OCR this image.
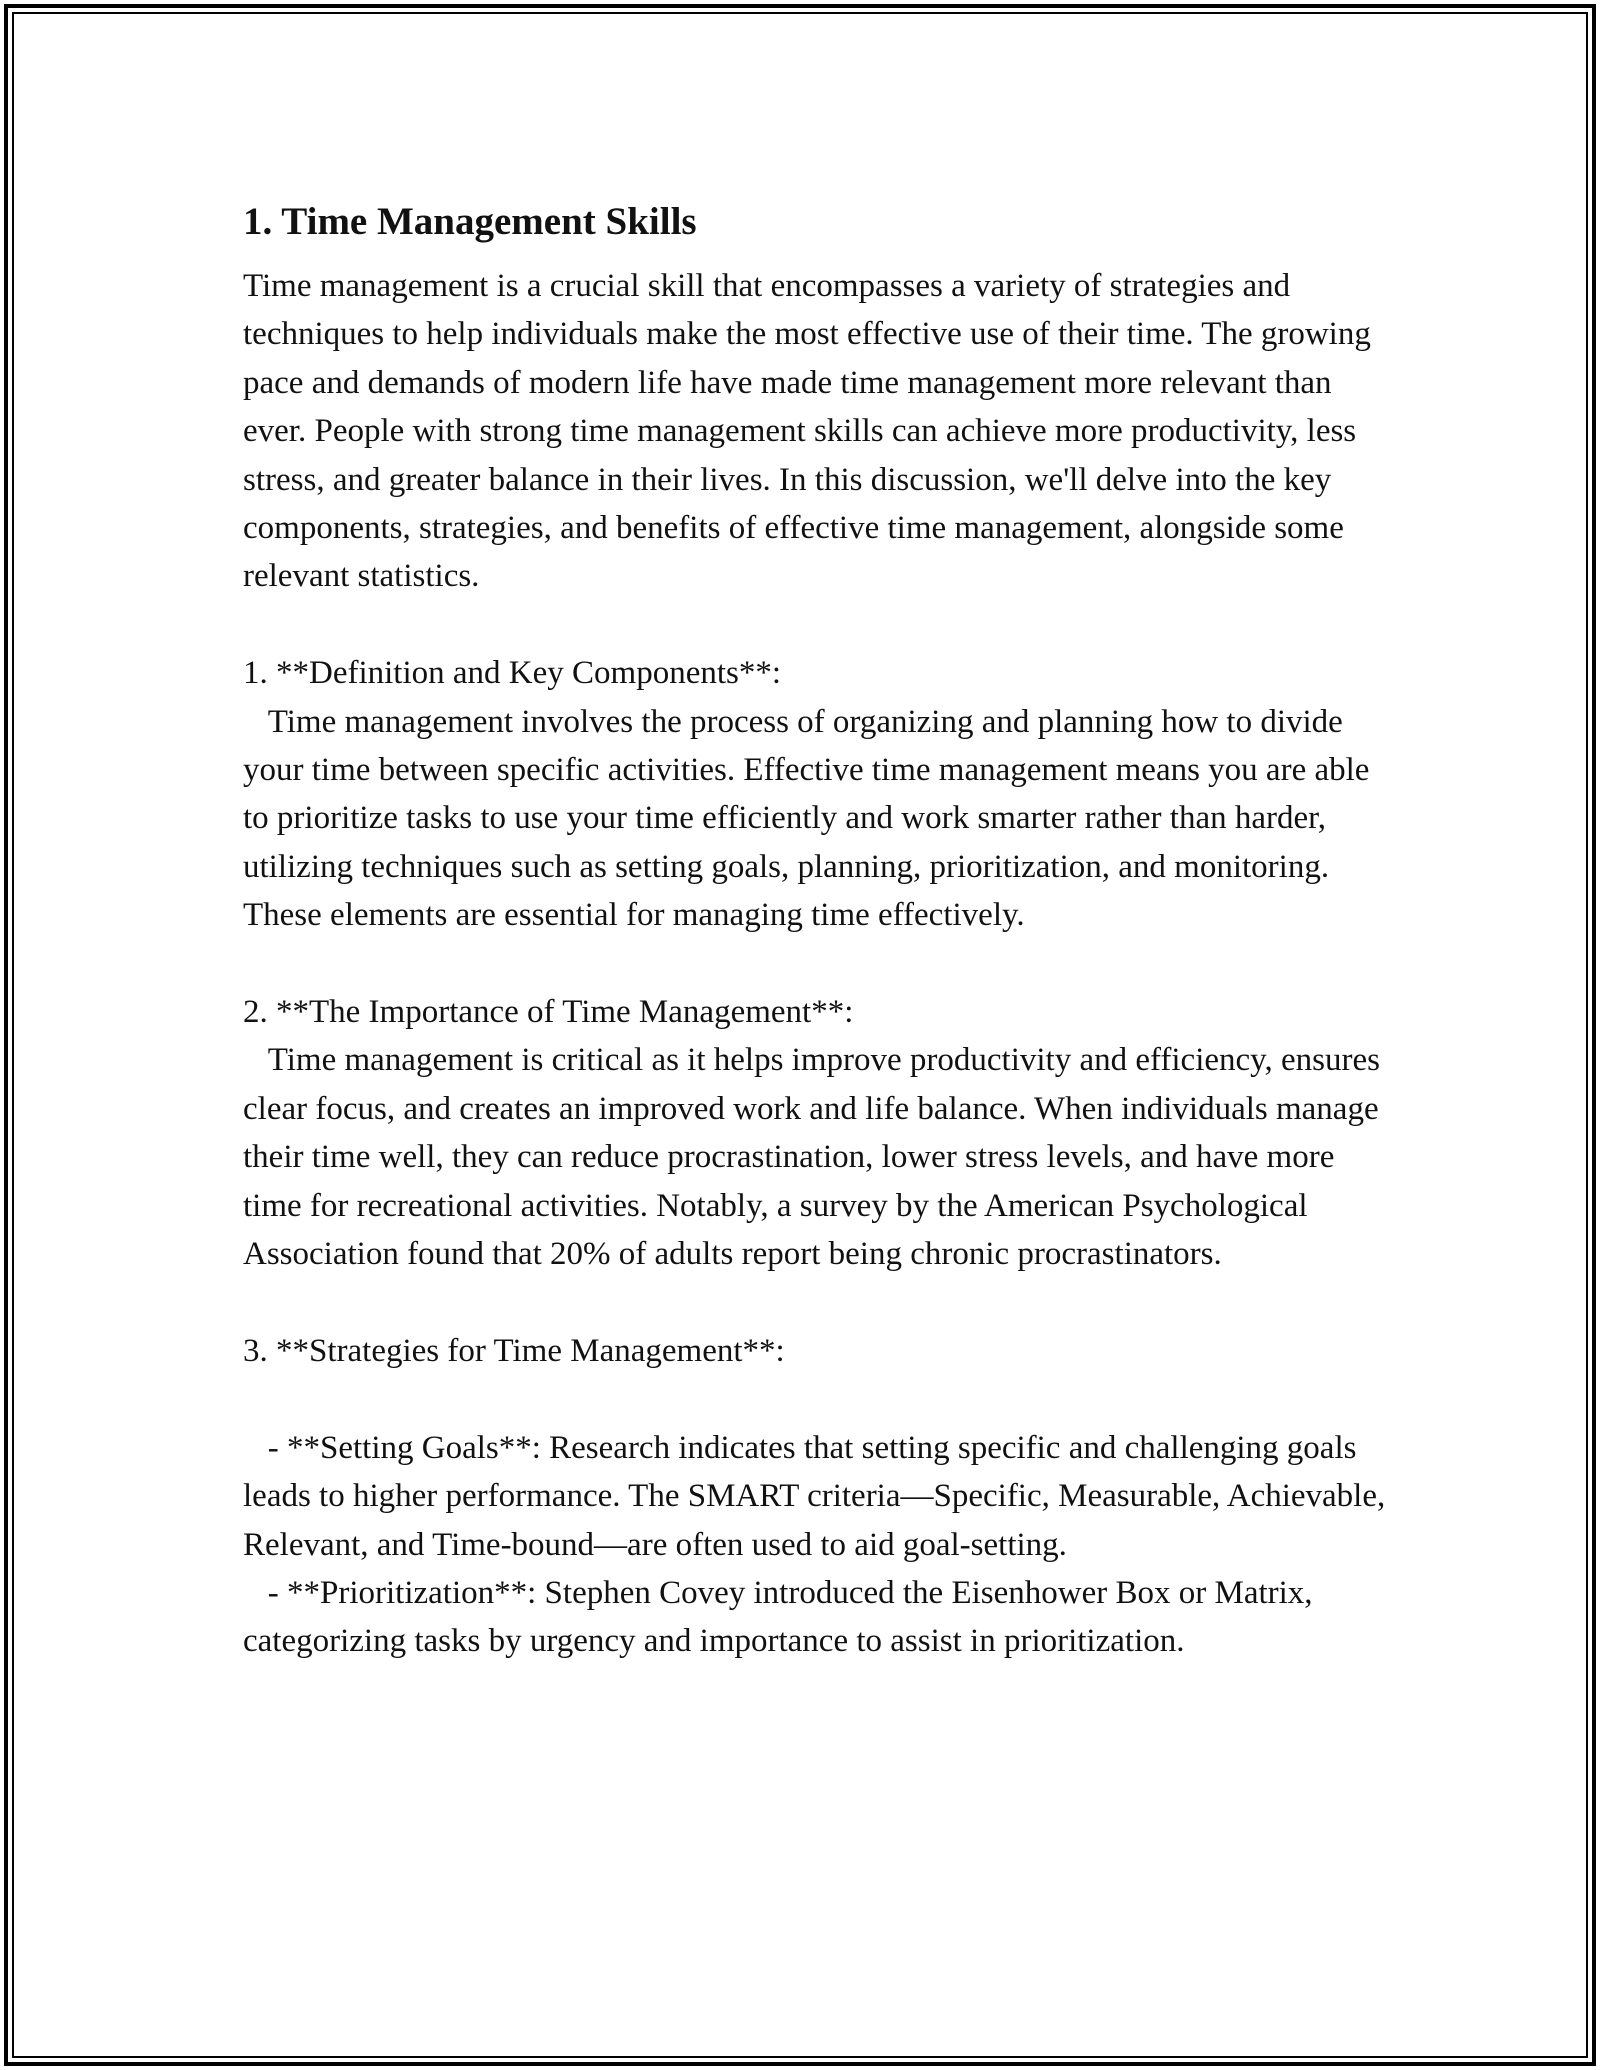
1. Time Management Skills

Time management is a crucial skill that encompasses a variety of strategies and techniques to help individuals make the most effective use of their time. The growing pace and demands of modern life have made time management more relevant than ever. People with strong time management skills can achieve more productivity, less stress, and greater balance in their lives. In this discussion, we'll delve into the key components, strategies, and benefits of effective time management, alongside some relevant statistics.

1. **Definition and Key Components**:

Time management involves the process of organizing and planning how to divide your time between specific activities. Effective time management means you are able to prioritize tasks to use your time efficiently and work smarter rather than harder, utilizing techniques such as setting goals, planning, prioritization, and monitoring. These elements are essential for managing time effectively.

2. **The Importance of Time Management**:

Time management is critical as it helps improve productivity and efficiency, ensures clear focus, and creates an improved work and life balance. When individuals manage their time well, they can reduce procrastination, lower stress levels, and have more time for recreational activities. Notably, a survey by the American Psychological Association found that 20% of adults report being chronic procrastinators.

3. **Strategies for Time Management**:

- **Setting Goals**: Research indicates that setting specific and challenging goals leads to higher performance. The SMART criteria—Specific, Measurable, Achievable, Relevant, and Time-bound—are often used to aid goal-setting.

- **Prioritization**: Stephen Covey introduced the Eisenhower Box or Matrix, categorizing tasks by urgency and importance to assist in prioritization.
